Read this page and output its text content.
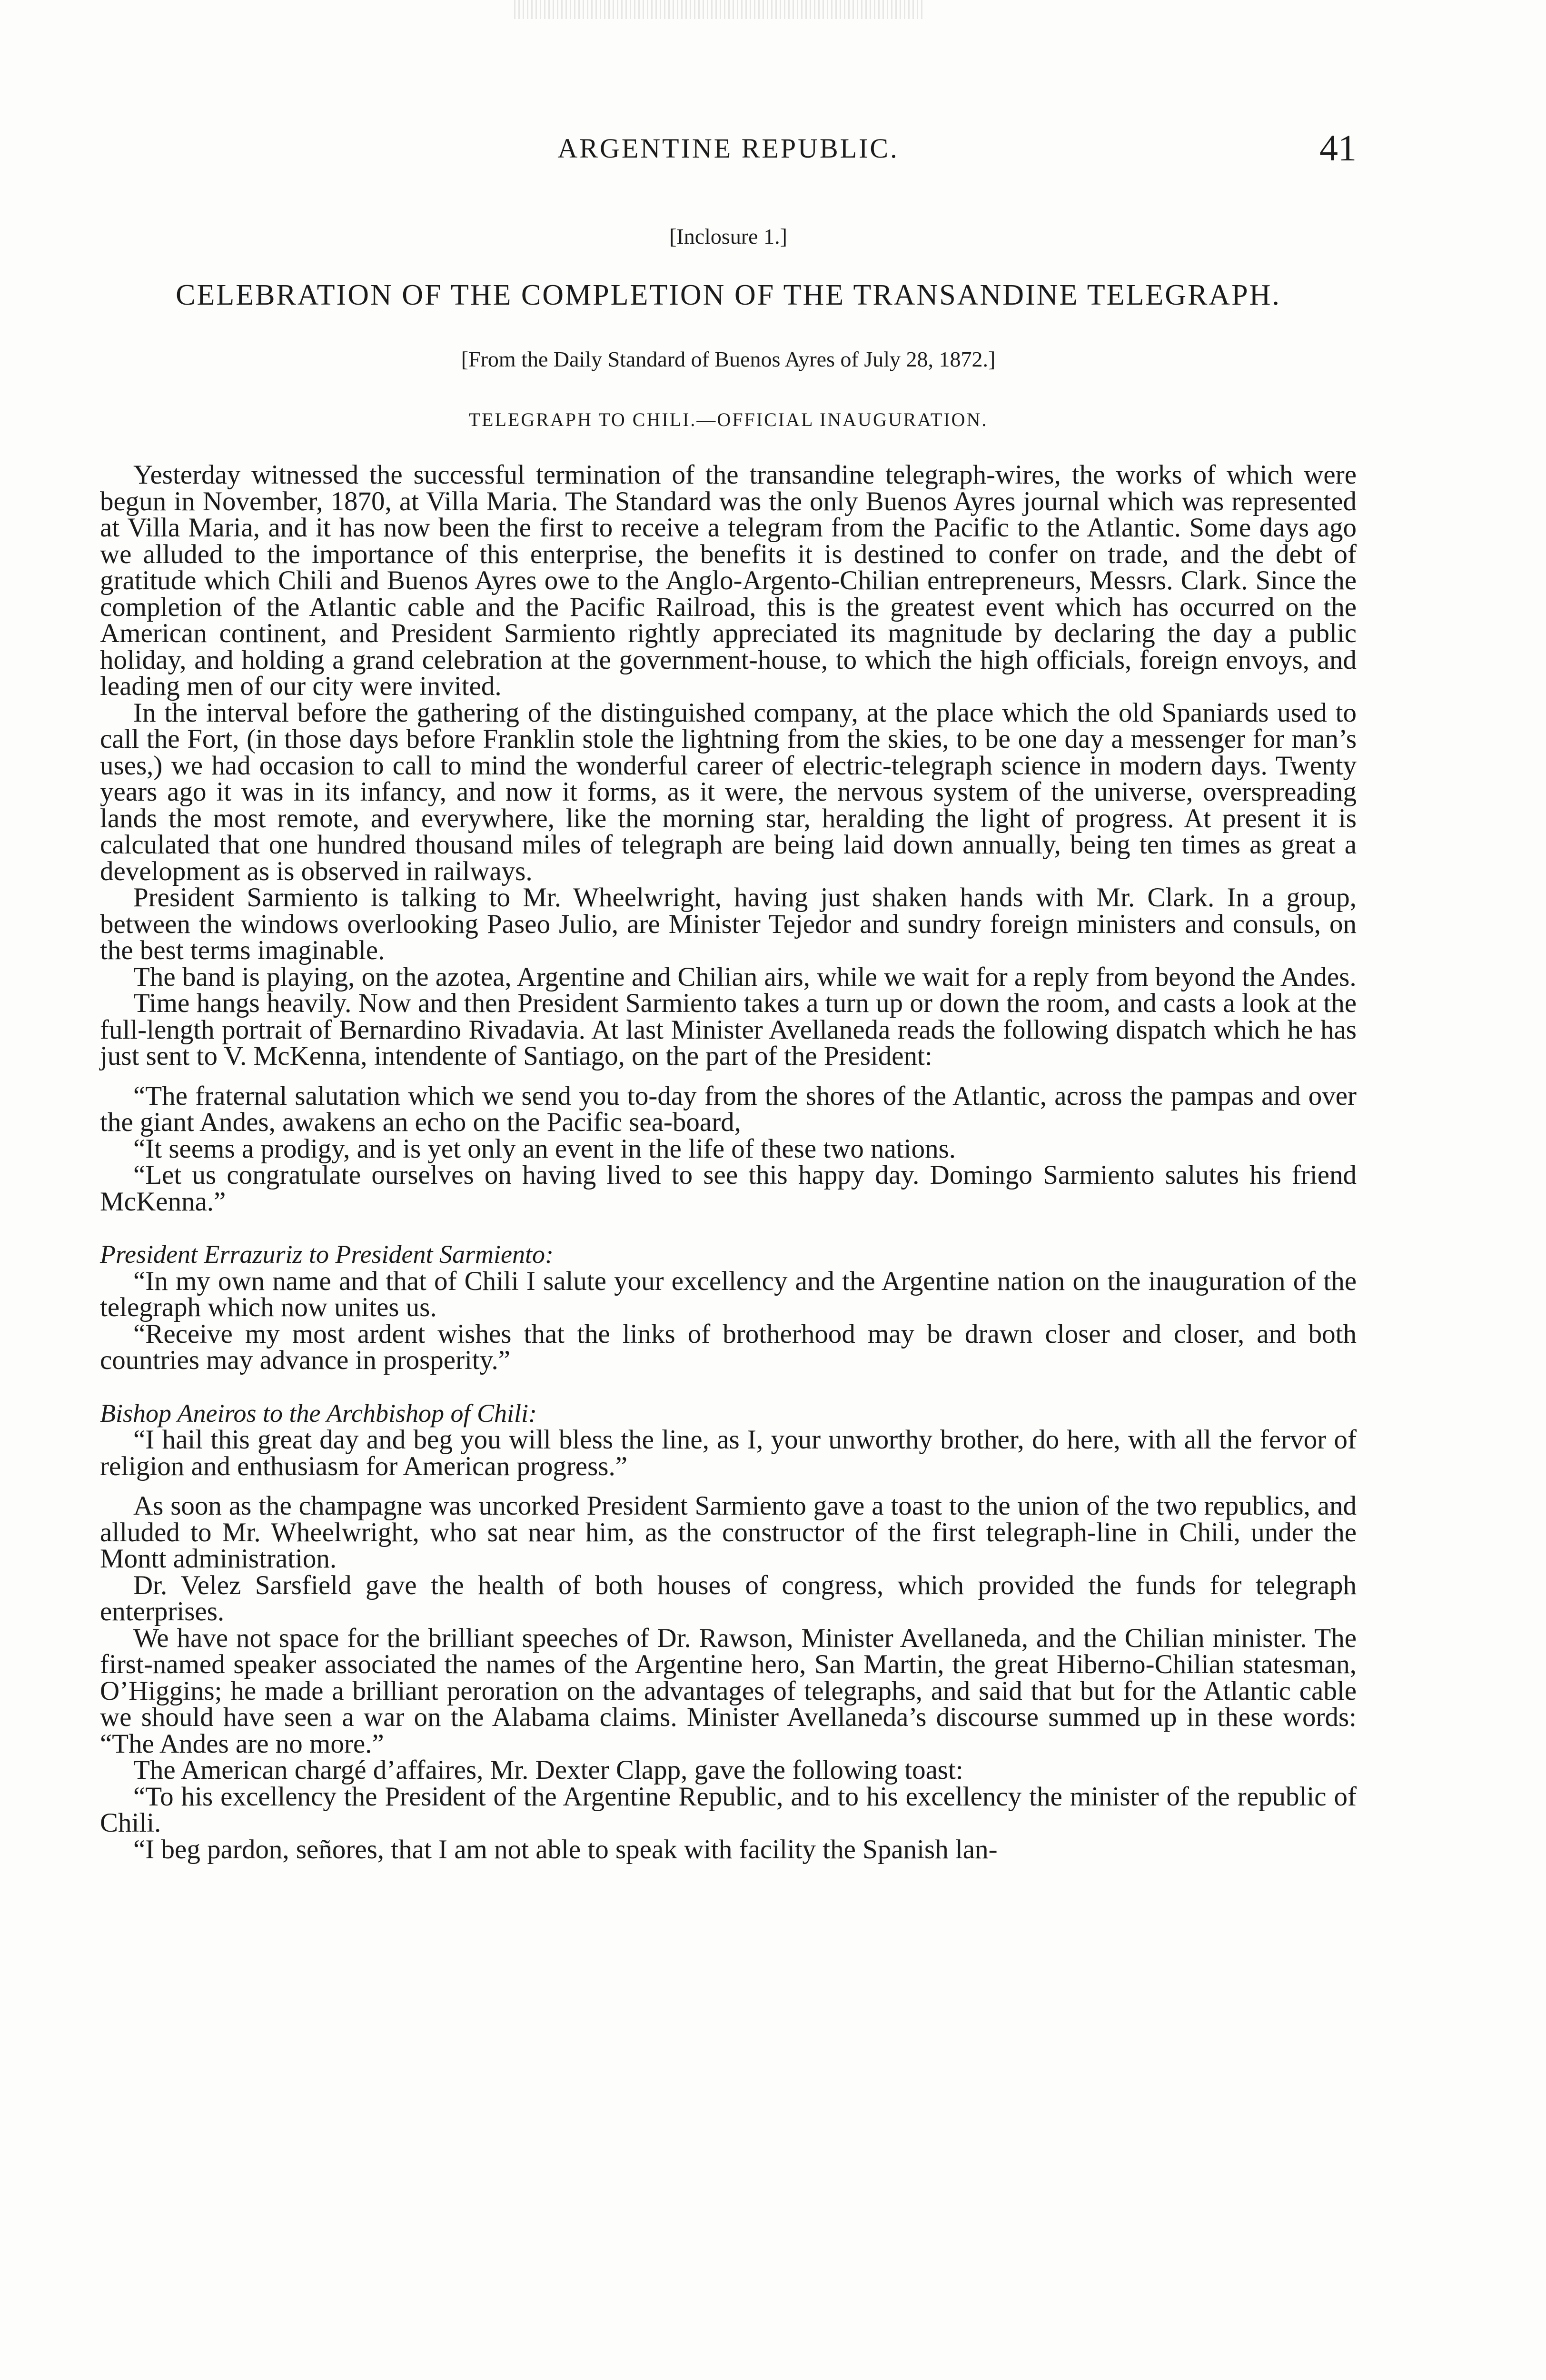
ARGENTINE REPUBLIC.	41
[Inclosure 1.]
CELEBRATION OF THE COMPLETION OF THE TRANSANDINE TELEGRAPH.
[From the Daily Standard of Buenos Ayres of July 28, 1872.]
TELEGRAPH TO CHILI.—OFFICIAL INAUGURATION.

Yesterday witnessed the successful termination of the transandine telegraph-wires, the works of which were begun in November, 1870, at Villa Maria. The Standard was the only Buenos Ayres journal which was represented at Villa Maria, and it has now been the first to receive a telegram from the Pacific to the Atlantic. Some days ago we alluded to the importance of this enterprise, the benefits it is destined to confer on trade, and the debt of gratitude which Chili and Buenos Ayres owe to the Anglo-Argento-Chilian entrepreneurs, Messrs. Clark. Since the completion of the Atlantic cable and the Pacific Railroad, this is the greatest event which has occurred on the American continent, and President Sarmiento rightly appreciated its magnitude by declaring the day a public holiday, and holding a grand celebration at the government-house, to which the high officials, foreign envoys, and leading men of our city were invited.

In the interval before the gathering of the distinguished company, at the place which the old Spaniards used to call the Fort, (in those days before Franklin stole the lightning from the skies, to be one day a messenger for man’s uses,) we had occasion to call to mind the wonderful career of electric-telegraph science in modern days. Twenty years ago it was in its infancy, and now it forms, as it were, the nervous system of the universe, overspreading lands the most remote, and everywhere, like the morning star, heralding the light of progress. At present it is calculated that one hundred thousand miles of telegraph are being laid down annually, being ten times as great a development as is observed in railways.

President Sarmiento is talking to Mr. Wheelwright, having just shaken hands with Mr. Clark. In a group, between the windows overlooking Paseo Julio, are Minister Tejedor and sundry foreign ministers and consuls, on the best terms imaginable.

The band is playing, on the azotea, Argentine and Chilian airs, while we wait for a reply from beyond the Andes.

Time hangs heavily. Now and then President Sarmiento takes a turn up or down the room, and casts a look at the full-length portrait of Bernardino Rivadavia. At last Minister Avellaneda reads the following dispatch which he has just sent to V. McKenna, intendente of Santiago, on the part of the President:

“The fraternal salutation which we send you to-day from the shores of the Atlantic, across the pampas and over the giant Andes, awakens an echo on the Pacific sea-board,

“It seems a prodigy, and is yet only an event in the life of these two nations.

“Let us congratulate ourselves on having lived to see this happy day. Domingo Sarmiento salutes his friend McKenna.”

President Errazuriz to President Sarmiento:

“In my own name and that of Chili I salute your excellency and the Argentine nation on the inauguration of the telegraph which now unites us.

“Receive my most ardent wishes that the links of brotherhood may be drawn closer and closer, and both countries may advance in prosperity.”

Bishop Aneiros to the Archbishop of Chili:

“I hail this great day and beg you will bless the line, as I, your unworthy brother, do here, with all the fervor of religion and enthusiasm for American progress.”

As soon as the champagne was uncorked President Sarmiento gave a toast to the union of the two republics, and alluded to Mr. Wheelwright, who sat near him, as the constructor of the first telegraph-line in Chili, under the Montt administration.

Dr. Velez Sarsfield gave the health of both houses of congress, which provided the funds for telegraph enterprises.

We have not space for the brilliant speeches of Dr. Rawson, Minister Avellaneda, and the Chilian minister. The first-named speaker associated the names of the Argentine hero, San Martin, the great Hiberno-Chilian statesman, O’Higgins; he made a brilliant peroration on the advantages of telegraphs, and said that but for the Atlantic cable we should have seen a war on the Alabama claims. Minister Avellaneda’s discourse summed up in these words: “The Andes are no more.”

The American chargé d’affaires, Mr. Dexter Clapp, gave the following toast:

“To his excellency the President of the Argentine Republic, and to his excellency the minister of the republic of Chili.

“I beg pardon, señores, that I am not able to speak with facility the Spanish lan-
